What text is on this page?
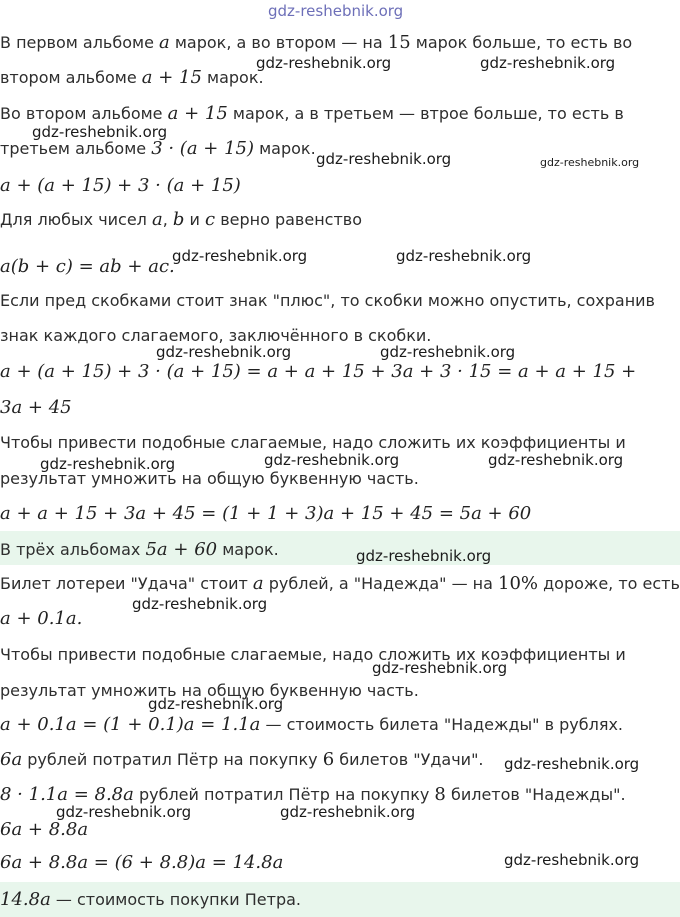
В первом альбоме a марок, а во втором — на 15 марок больше, то есть во
втором альбоме a + 15 марок.
Во втором альбоме a + 15 марок, а в третьем — втрое больше, то есть в
третьем альбоме 3 · (a + 15) марок.
a + (a + 15) + 3 · (a + 15)
Для любых чисел a, b и c верно равенство
a(b + c) = ab + ac.
Если пред скобками стоит знак "плюс", то скобки можно опустить, сохранив
знак каждого слагаемого, заключённого в скобки.
a + (a + 15) + 3 · (a + 15) = a + a + 15 + 3a + 3 · 15 = a + a + 15 +
3a + 45
Чтобы привести подобные слагаемые, надо сложить их коэффициенты и
результат умножить на общую буквенную часть.
a + a + 15 + 3a + 45 = (1 + 1 + 3)a + 15 + 45 = 5a + 60
В трёх альбомах 5a + 60 марок.
Билет лотереи "Удача" стоит a рублей, а "Надежда" — на 10% дороже, то есть
a + 0.1a.
Чтобы привести подобные слагаемые, надо сложить их коэффициенты и
результат умножить на общую буквенную часть.
a + 0.1a = (1 + 0.1)a = 1.1a — стоимость билета "Надежды" в рублях.
6a рублей потратил Пётр на покупку 6 билетов "Удачи".
8 · 1.1a = 8.8a рублей потратил Пётр на покупку 8 билетов "Надежды".
6a + 8.8a
6a + 8.8a = (6 + 8.8)a = 14.8a
14.8a — стоимость покупки Петра.
gdz-reshebnik.org
gdz-reshebnik.org	gdz-reshebnik.org
gdz-reshebnik.org
gdz-reshebnik.org	gdz-reshebnik.org
gdz-reshebnik.org	gdz-reshebnik.org
gdz-reshebnik.org	gdz-reshebnik.org
gdz-reshebnik.org	gdz-reshebnik.org	gdz-reshebnik.org
gdz-reshebnik.org
gdz-reshebnik.org
gdz-reshebnik.org
gdz-reshebnik.org
gdz-reshebnik.org
gdz-reshebnik.org	gdz-reshebnik.org
gdz-reshebnik.org
